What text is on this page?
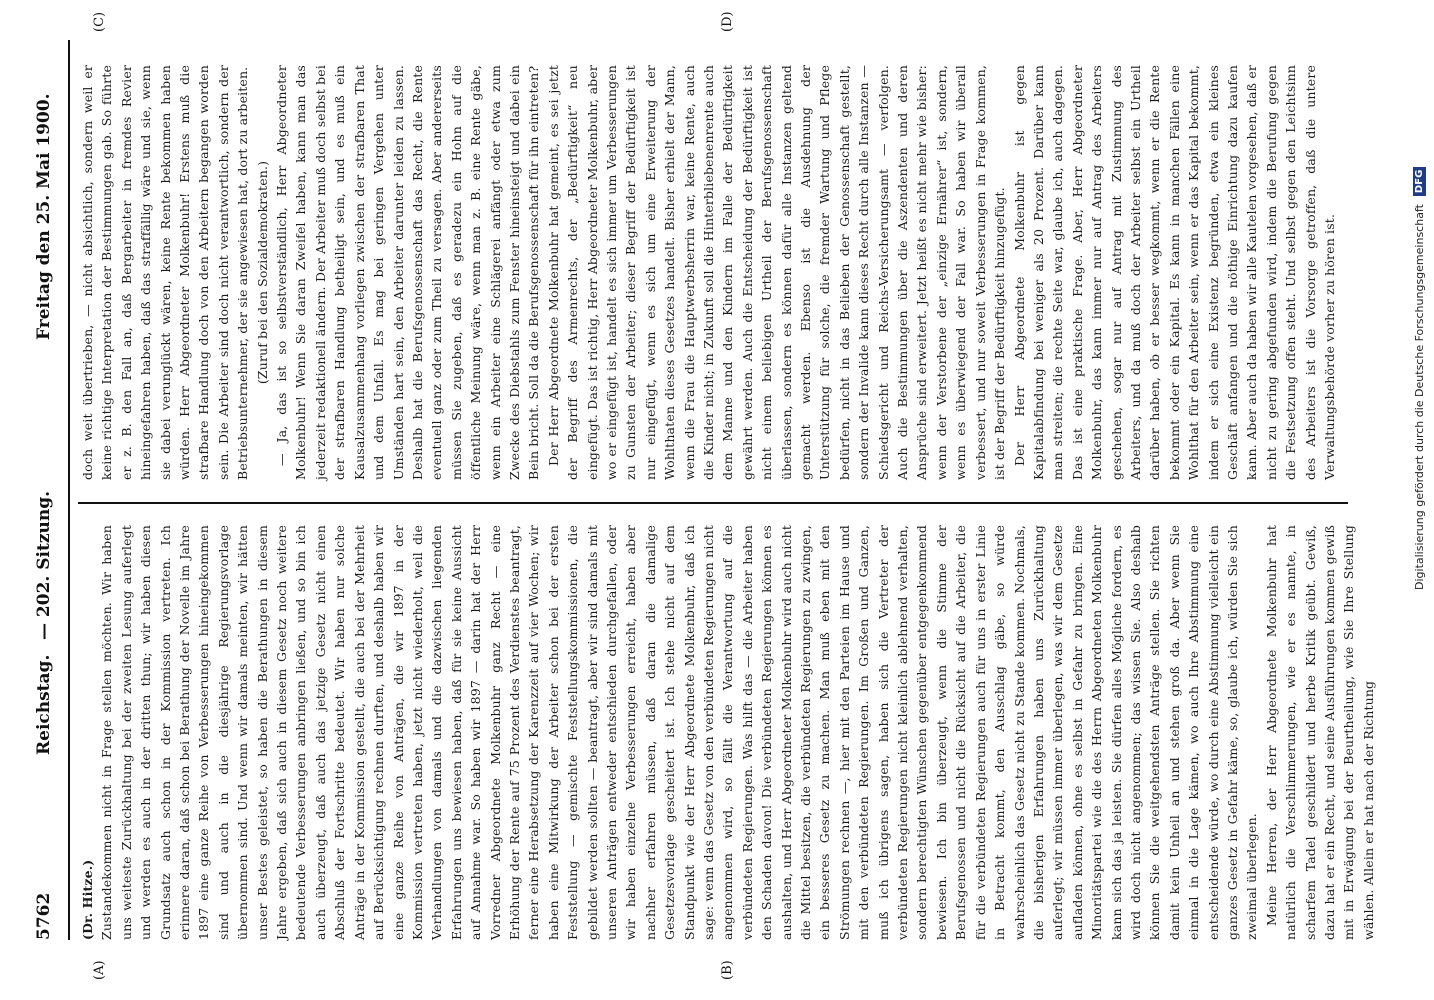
5762
Reichstag.
— 202. Sitzung.
Freitag den 25. Mai 1900.
(A)	(B)
(C)	(D)

(Dr. Hitze.) Zustandekommen nicht in Frage stellen möchten. Wir haben uns weiteste Zurückhaltung bei der zweiten Lesung auferlegt und werden es auch in der dritten thun; wir haben diesen Grundsatz auch schon in der Kommission vertreten. Ich erinnere daran, daß schon bei Berathung der Novelle im Jahre 1897 eine ganze Reihe von Verbesserungen hineingekommen sind und auch in die diesjährige Regierungsvorlage übernommen sind. Und wenn wir damals meinten, wir hätten unser Bestes geleistet, so haben die Berathungen in diesem Jahre ergeben, daß sich auch in diesem Gesetz noch weitere bedeutende Verbesserungen anbringen ließen, und so bin ich auch überzeugt, daß auch das jetzige Gesetz nicht einen Abschluß der Fortschritte bedeutet. Wir haben nur solche Anträge in der Kommission gestellt, die auch bei der Mehrheit auf Berücksichtigung rechnen durften, und deshalb haben wir eine ganze Reihe von Anträgen, die wir 1897 in der Kommission vertreten haben, jetzt nicht wiederholt, weil die Verhandlungen von damals und die dazwischen liegenden Erfahrungen uns bewiesen haben, daß für sie keine Aussicht auf Annahme war. So haben wir 1897 — darin hat der Herr Vorredner Abgeordnete Molkenbuhr ganz Recht — eine Erhöhung der Rente auf 75 Prozent des Verdienstes beantragt, ferner eine Herabsetzung der Karenzzeit auf vier Wochen; wir haben eine Mitwirkung der Arbeiter schon bei der ersten Feststellung — gemischte Feststellungskommissionen, die gebildet werden sollten — beantragt, aber wir sind damals mit unseren Anträgen entweder entschieden durchgefallen, oder wir haben einzelne Verbesserungen erreicht, haben aber nachher erfahren müssen, daß daran die damalige Gesetzesvorlage gescheitert ist. Ich stehe nicht auf dem Standpunkt wie der Herr Abgeordnete Molkenbuhr, daß ich sage: wenn das Gesetz von den verbündeten Regierungen nicht angenommen wird, so fällt die Verantwortung auf die verbündeten Regierungen. Was hilft das — die Arbeiter haben den Schaden davon! Die verbündeten Regierungen können es aushalten, und Herr Abgeordneter Molkenbuhr wird auch nicht die Mittel besitzen, die verbündeten Regierungen zu zwingen, ein besseres Gesetz zu machen. Man muß eben mit den Strömungen rechnen —, hier mit den Parteien im Hause und mit den verbündeten Regierungen. Im Großen und Ganzen, muß ich übrigens sagen, haben sich die Vertreter der verbündeten Regierungen nicht kleinlich ablehnend verhalten, sondern berechtigten Wünschen gegenüber entgegenkommend bewiesen. Ich bin überzeugt, wenn die Stimme der Berufsgenossen und nicht die Rücksicht auf die Arbeiter, die für die verbündeten Regierungen auch für uns in erster Linie in Betracht kommt, den Ausschlag gäbe, so würde wahrscheinlich das Gesetz nicht zu Stande kommen. Nochmals, die bisherigen Erfahrungen haben uns Zurückhaltung auferlegt; wir müssen immer überlegen, was wir dem Gesetze aufladen können, ohne es selbst in Gefahr zu bringen. Eine Minoritätspartei wie die des Herrn Abgeordneten Molkenbuhr kann sich das ja leisten. Sie dürfen alles Mögliche fordern, es wird doch nicht angenommen; das wissen Sie. Also deshalb können Sie die weitgehendsten Anträge stellen. Sie richten damit kein Unheil an und stehen groß da. Aber wenn Sie einmal in die Lage kämen, wo auch Ihre Abstimmung eine entscheidende würde, wo durch eine Abstimmung vielleicht ein ganzes Gesetz in Gefahr käme, so, glaube ich, würden Sie sich zweimal überlegen. Meine Herren, der Herr Abgeordnete Molkenbuhr hat natürlich die Verschlimmerungen, wie er es nannte, in scharfem Tadel geschildert und herbe Kritik geübt. Gewiß, dazu hat er ein Recht, und seine Ausführungen kommen gewiß mit in Erwägung bei der Beurtheilung, wie Sie Ihre Stellung wählen. Allein er hat nach der Richtung

doch weit übertrieben, — nicht absichtlich, sondern weil er keine richtige Interpretation der Bestimmungen gab. So führte er z. B. den Fall an, daß Bergarbeiter in fremdes Revier hineingefahren haben, daß das straffällig wäre und sie, wenn sie dabei verunglückt wären, keine Rente bekommen haben würden. Herr Abgeordneter Molkenbuhr! Erstens muß die strafbare Handlung doch von den Arbeitern begangen worden sein. Die Arbeiter sind doch nicht verantwortlich, sondern der Betriebsunternehmer, der sie angewiesen hat, dort zu arbeiten. (Zuruf bei den Sozialdemokraten.) — Ja, das ist so selbstverständlich, Herr Abgeordneter Molkenbuhr! Wenn Sie daran Zweifel haben, kann man das jederzeit redaktionell ändern. Der Arbeiter muß doch selbst bei der strafbaren Handlung betheiligt sein, und es muß ein Kausalzusammenhang vorliegen zwischen der strafbaren That und dem Unfall. Es mag bei geringen Vergehen unter Umständen hart sein, den Arbeiter darunter leiden zu lassen. Deshalb hat die Berufsgenossenschaft das Recht, die Rente eventuell ganz oder zum Theil zu versagen. Aber andererseits müssen Sie zugeben, daß es geradezu ein Hohn auf die öffentliche Meinung wäre, wenn man z. B. eine Rente gäbe, wenn ein Arbeiter eine Schlägerei anfängt oder etwa zum Zwecke des Diebstahls zum Fenster hineinsteigt und dabei ein Bein bricht. Soll da die Berufsgenossenschaft für ihn eintreten? Der Herr Abgeordnete Molkenbuhr hat gemeint, es sei jetzt der Begriff des Armenrechts, der „Bedürftigkeit“ neu eingefügt. Das ist richtig, Herr Abgeordneter Molkenbuhr, aber wo er eingefügt ist, handelt es sich immer um Verbesserungen zu Gunsten der Arbeiter; dieser Begriff der Bedürftigkeit ist nur eingefügt, wenn es sich um eine Erweiterung der Wohlthaten dieses Gesetzes handelt. Bisher erhielt der Mann, wenn die Frau die Hauptwerbsherrin war, keine Rente, auch die Kinder nicht; in Zukunft soll die Hinterbliebenenrente auch dem Manne und den Kindern im Falle der Bedürftigkeit gewährt werden. Auch die Entscheidung der Bedürftigkeit ist nicht einem beliebigen Urtheil der Berufsgenossenschaft überlassen, sondern es können dafür alle Instanzen geltend gemacht werden. Ebenso ist die Ausdehnung der Unterstützung für solche, die fremder Wartung und Pflege bedürfen, nicht in das Belieben der Genossenschaft gestellt, sondern der Invalide kann dieses Recht durch alle Instanzen — Schiedsgericht und Reichs-Versicherungsamt — verfolgen. Auch die Bestimmungen über die Aszendenten und deren Ansprüche sind erweitert. Jetzt heißt es nicht mehr wie bisher: wenn der Verstorbene der „einzige Ernährer“ ist, sondern, wenn es überwiegend der Fall war. So haben wir überall verbessert, und nur soweit Verbesserungen in Frage kommen, ist der Begriff der Bedürftigkeit hinzugefügt. Der Herr Abgeordnete Molkenbuhr ist gegen Kapitalabfindung bei weniger als 20 Prozent. Darüber kann man streiten; die rechte Seite war, glaube ich, auch dagegen. Das ist eine praktische Frage. Aber, Herr Abgeordneter Molkenbuhr, das kann immer nur auf Antrag des Arbeiters geschehen, sogar nur auf Antrag mit Zustimmung des Arbeiters, und da muß doch der Arbeiter selbst ein Urtheil darüber haben, ob er besser wegkommt, wenn er die Rente bekommt oder ein Kapital. Es kann in manchen Fällen eine Wohlthat für den Arbeiter sein, wenn er das Kapital bekommt, indem er sich eine Existenz begründen, etwa ein kleines Geschäft anfangen und die nöthige Einrichtung dazu kaufen kann. Aber auch da haben wir alle Kautelen vorgesehen, daß er nicht zu gering abgefunden wird, indem die Berufung gegen die Festsetzung offen steht. Und selbst gegen den Leichtsinn des Arbeiters ist die Vorsorge getroffen, daß die untere Verwaltungsbehörde vorher zu hören ist.	Digitalisierung gefördert durch die Deutsche Forschungsgemeinschaft
DFG
